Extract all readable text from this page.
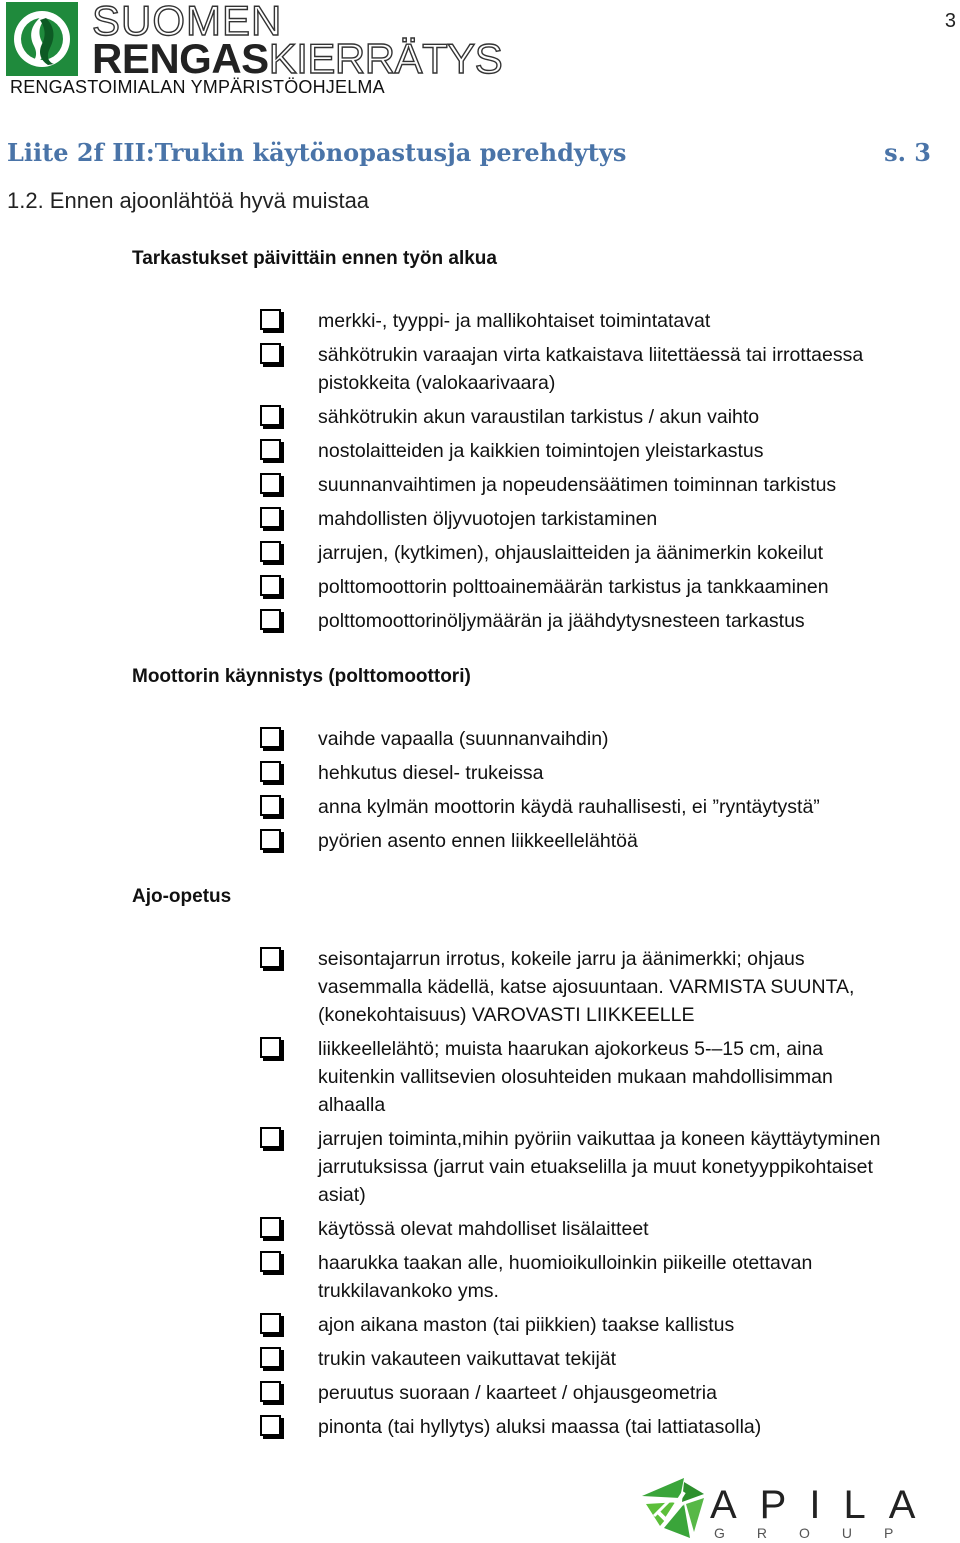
3

SUOMEN

RENGASKIERRÄTYS

RENGASTOIMIALAN YMPÄRISTÖOHJELMA
Liite 2f III:Trukin käytönopastusja perehdytys	s. 3
1.2. Ennen ajoonlähtöä hyvä muistaa
Tarkastukset päivittäin ennen työn alkua
merkki-, tyyppi- ja mallikohtaiset toimintatavat
sähkötrukin varaajan virta katkaistava liitettäessä tai irrottaessa pistokkeita (valokaarivaara)
sähkötrukin akun varaustilan tarkistus / akun vaihto
nostolaitteiden ja kaikkien toimintojen yleistarkastus
suunnanvaihtimen ja nopeudensäätimen toiminnan tarkistus
mahdollisten öljyvuotojen tarkistaminen
jarrujen, (kytkimen), ohjauslaitteiden ja äänimerkin kokeilut
polttomoottorin polttoainemäärän tarkistus ja tankkaaminen
polttomoottorinöljymäärän ja jäähdytysnesteen tarkastus
Moottorin käynnistys (polttomoottori)
vaihde vapaalla (suunnanvaihdin)
hehkutus diesel- trukeissa
anna kylmän moottorin käydä rauhallisesti, ei ”ryntäytystä”
pyörien asento ennen liikkeellelähtöä
Ajo-opetus
seisontajarrun irrotus, kokeile jarru ja äänimerkki; ohjaus vasemmalla kädellä, katse ajosuuntaan. VARMISTA SUUNTA, (konekohtaisuus) VAROVASTI LIIKKEELLE
liikkeellelähtö; muista haarukan ajokorkeus 5-–15 cm, aina kuitenkin vallitsevien olosuhteiden mukaan mahdollisimman alhaalla
jarrujen toiminta,mihin pyöriin vaikuttaa ja koneen käyttäytyminen jarrutuksissa (jarrut vain etuakselilla ja muut konetyyppikohtaiset asiat)
käytössä olevat mahdolliset lisälaitteet
haarukka taakan alle, huomioikulloinkin piikeille otettavan trukkilavankoko yms.
ajon aikana maston (tai piikkien) taakse kallistus
trukin vakauteen vaikuttavat tekijät
peruutus suoraan / kaarteet / ohjausgeometria
pinonta (tai hyllytys) aluksi maassa (tai lattiatasolla)
APILA
GROUP
